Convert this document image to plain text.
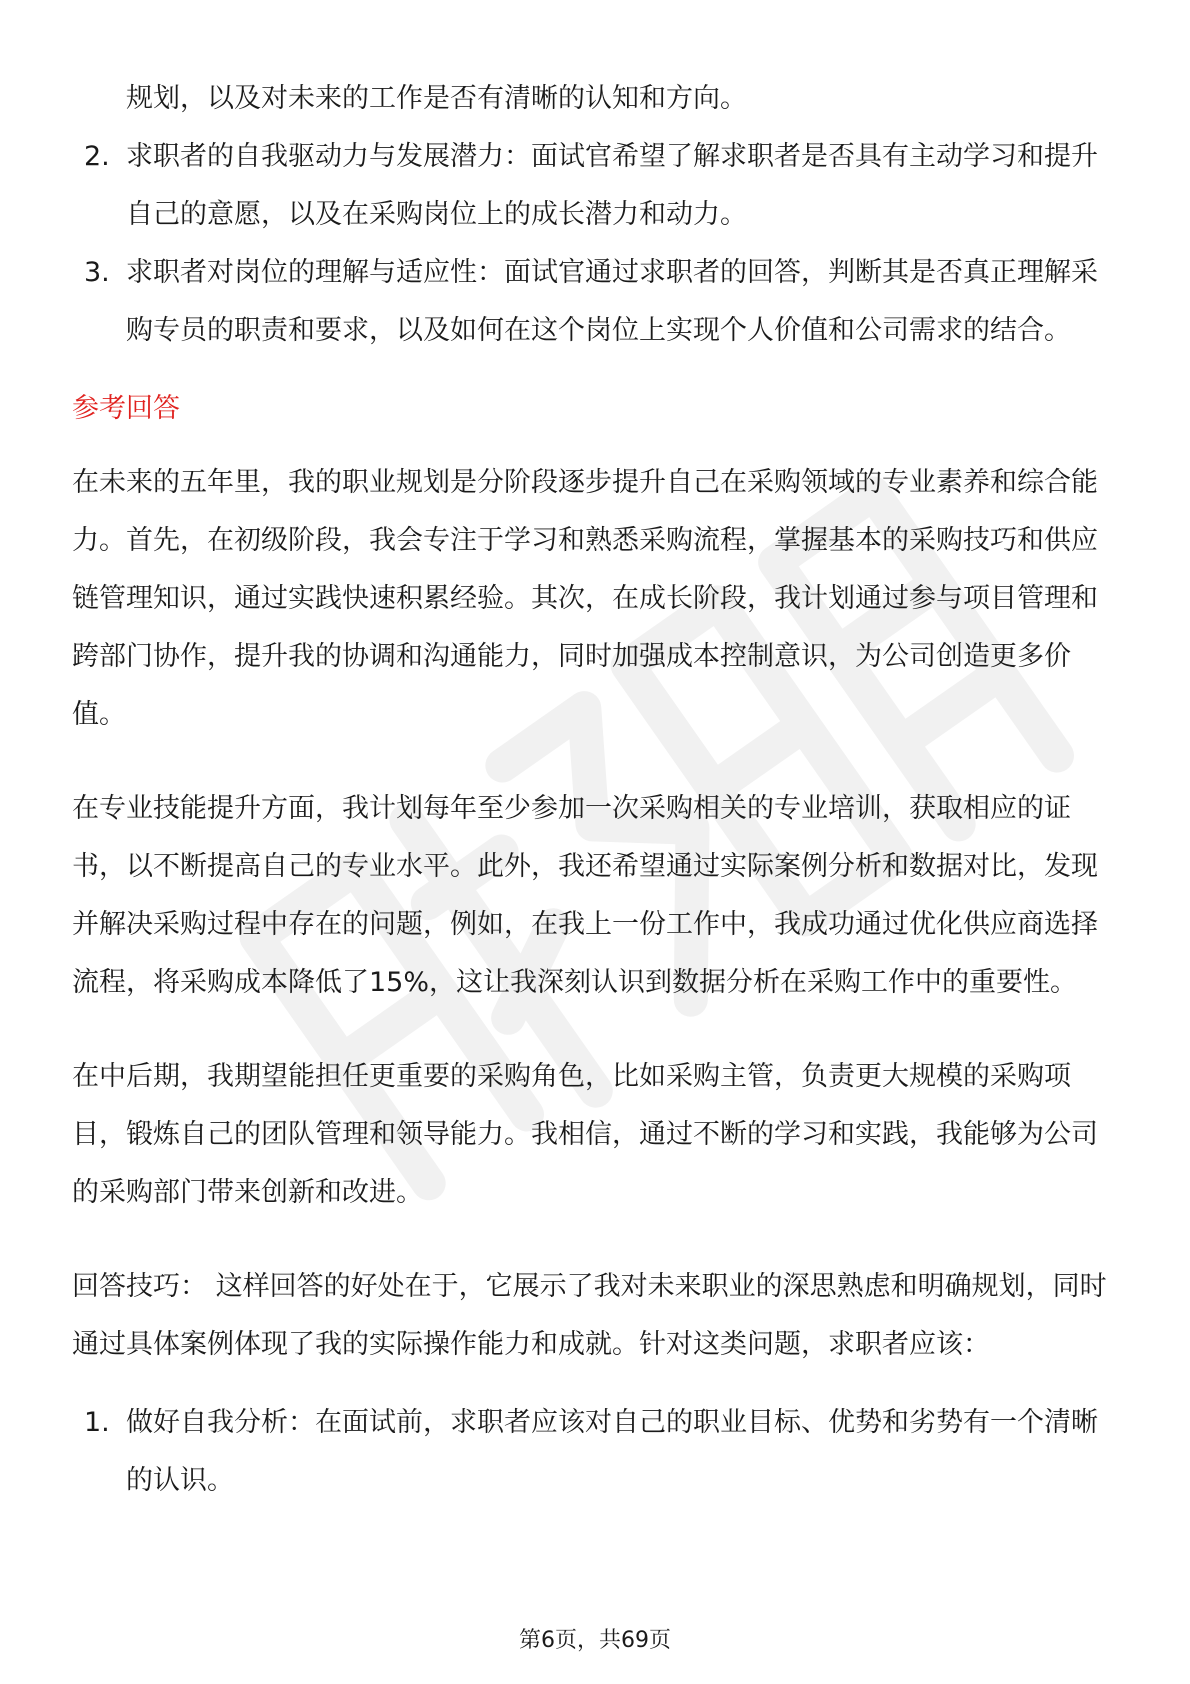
规划，以及对未来的工作是否有清晰的认知和方向。
2. 求职者的自我驱动力与发展潜力：面试官希望了解求职者是否具有主动学习和提升自己的意愿，以及在采购岗位上的成长潜力和动力。
3. 求职者对岗位的理解与适应性：面试官通过求职者的回答，判断其是否真正理解采购专员的职责和要求，以及如何在这个岗位上实现个人价值和公司需求的结合。
参考回答

在未来的五年里，我的职业规划是分阶段逐步提升自己在采购领域的专业素养和综合能力。首先，在初级阶段，我会专注于学习和熟悉采购流程，掌握基本的采购技巧和供应链管理知识，通过实践快速积累经验。其次，在成长阶段，我计划通过参与项目管理和跨部门协作，提升我的协调和沟通能力，同时加强成本控制意识，为公司创造更多价值。

在专业技能提升方面，我计划每年至少参加一次采购相关的专业培训，获取相应的证书，以不断提高自己的专业水平。此外，我还希望通过实际案例分析和数据对比，发现并解决采购过程中存在的问题，例如，在我上一份工作中，我成功通过优化供应商选择流程，将采购成本降低了15%，这让我深刻认识到数据分析在采购工作中的重要性。

在中后期，我期望能担任更重要的采购角色，比如采购主管，负责更大规模的采购项目，锻炼自己的团队管理和领导能力。我相信，通过不断的学习和实践，我能够为公司的采购部门带来创新和改进。

回答技巧： 这样回答的好处在于，它展示了我对未来职业的深思熟虑和明确规划，同时通过具体案例体现了我的实际操作能力和成就。针对这类问题，求职者应该：

1. 做好自我分析：在面试前，求职者应该对自己的职业目标、优势和劣势有一个清晰的认识。
第6页，共69页
